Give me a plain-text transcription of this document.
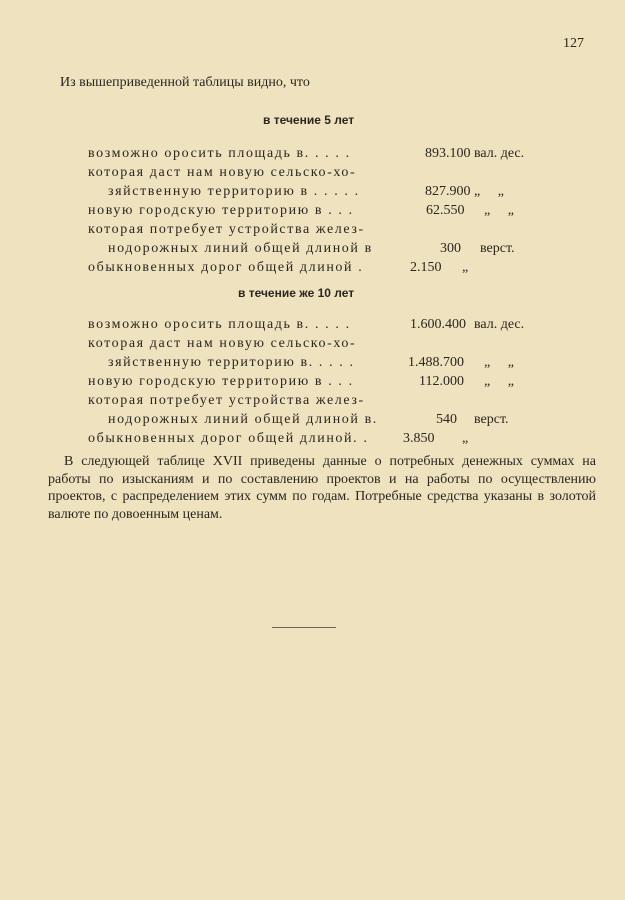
127
Из вышеприведенной таблицы видно, что
в течение 5 лет
возможно оросить площадь в. . . . .	893.100 вал. дес.
которая даст нам новую сельско-хо-
зяйственную территорию в . . . . .	827.900 „     „
новую городскую территорию в . . .	62.550 „     „
которая потребует устройства желез-
нодорожных линий общей длиной в	300 верст.
обыкновенных дорог общей длиной .	2.150 „
в течение же 10 лет
возможно оросить площадь в. . . . .	1.600.400 вал. дес.
которая даст нам новую сельско-хо-
зяйственную территорию в. . . . .	1.488.700 „     „
новую городскую территорию в . . .	112.000 „     „
которая потребует устройства желез-
нодорожных линий общей длиной в.	540 верст.
обыкновенных дорог общей длиной. . 3.850 „

В следующей таблице XVII приведены данные о потребных денежных суммах на работы по изысканиям и по составлению проектов и на работы по осуществлению проектов, с распределением этих сумм по годам. Потребные средства указаны в золотой валюте по довоенным ценам.
